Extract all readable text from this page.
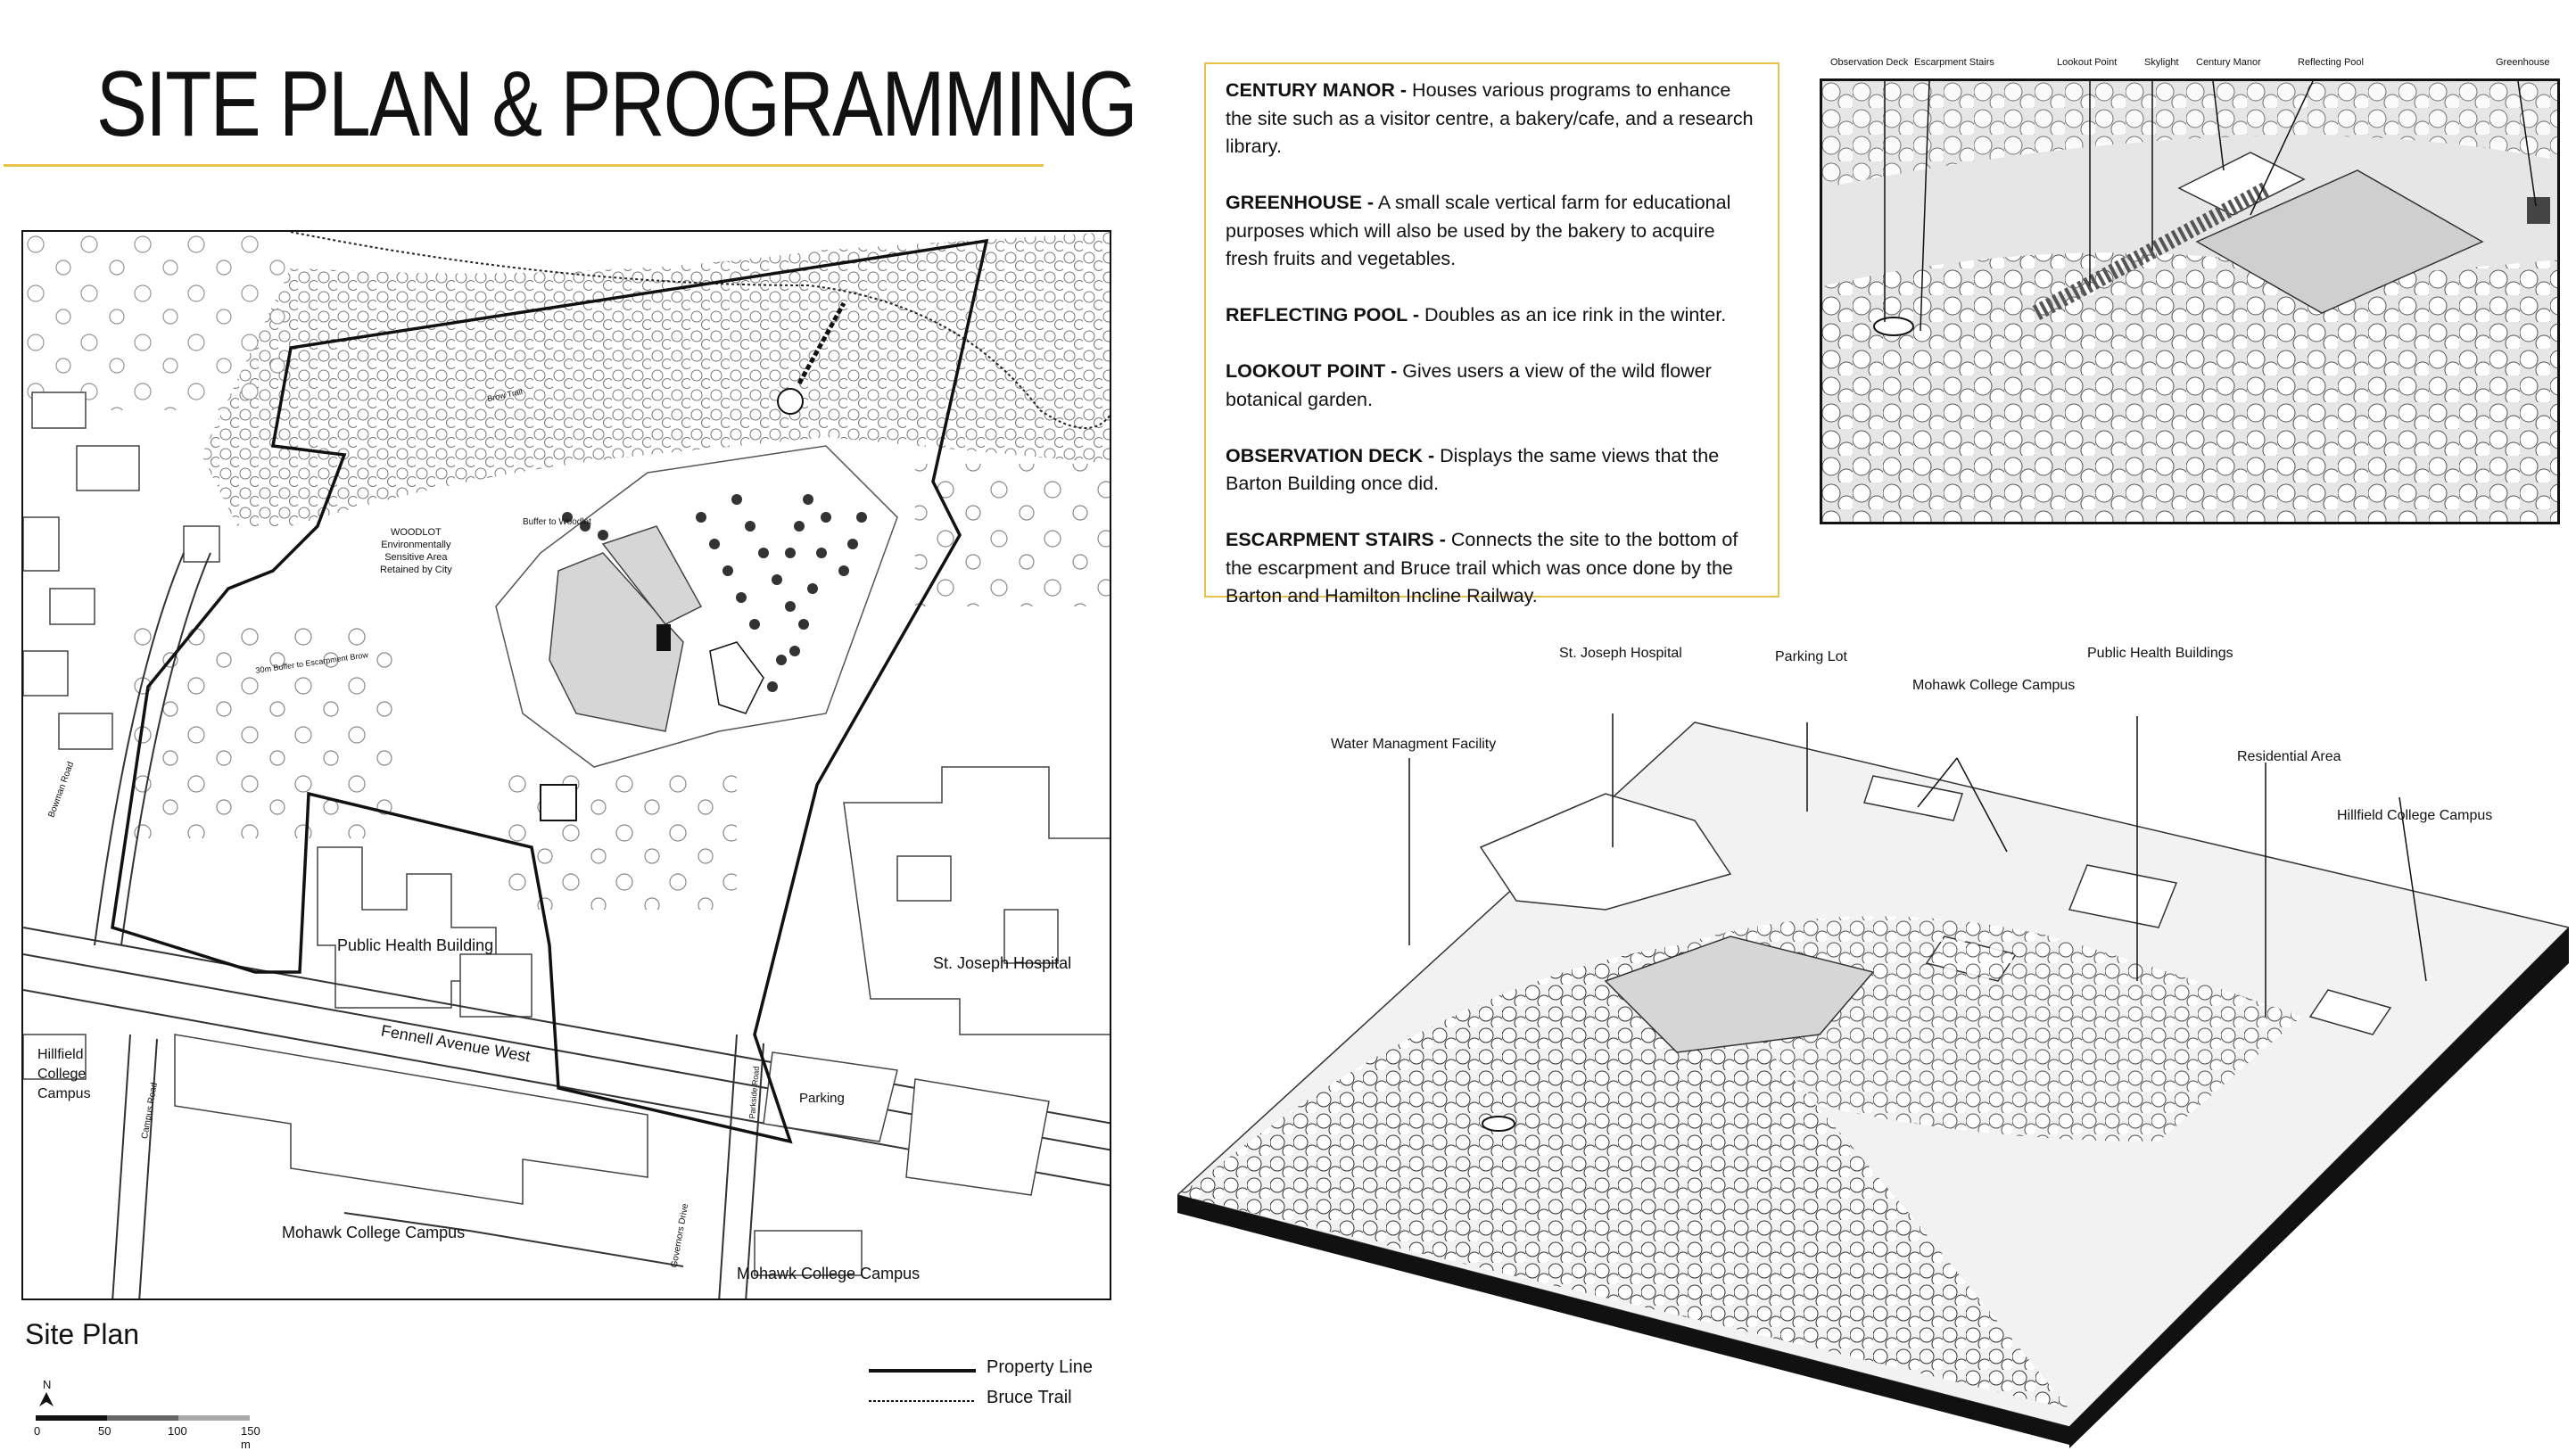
SITE PLAN & PROGRAMMING
WOODLOT
Environmentally
Sensitive Area
Retained by City
Buffer to Woodlot
30m Buffer to Escarpment Brow
Brow Trail
Public Health Building
St. Joseph Hospital
Fennell Avenue West
Parking
Hillfield
College
Campus
Mohawk College Campus
Mohawk College Campus
Bowman Road
Campus Road
Governors Drive
Parkside Road
Site Plan
N
0	50	100	150 m
Property Line
Bruce Trail
CENTURY MANOR - Houses various programs to enhance the site such as a visitor centre, a bakery/cafe, and a research library.
GREENHOUSE - A small scale vertical farm for educational purposes which will also be used by the bakery to acquire fresh fruits and vegetables.
REFLECTING POOL - Doubles as an ice rink in the winter.
LOOKOUT POINT - Gives users a view of the wild flower botanical garden.
OBSERVATION DECK - Displays the same views that the Barton Building once did.
ESCARPMENT STAIRS - Connects the site to the bottom of the escarpment and Bruce trail which was once done by the Barton and Hamilton Incline Railway.
Observation Deck Escarpment Stairs	Lookout Point	Skylight Century Manor	Reflecting Pool	Greenhouse
Water Managment Facility
St. Joseph Hospital	Parking Lot
Mohawk College Campus
Public Health Buildings
Residential Area
Hillfield College Campus
